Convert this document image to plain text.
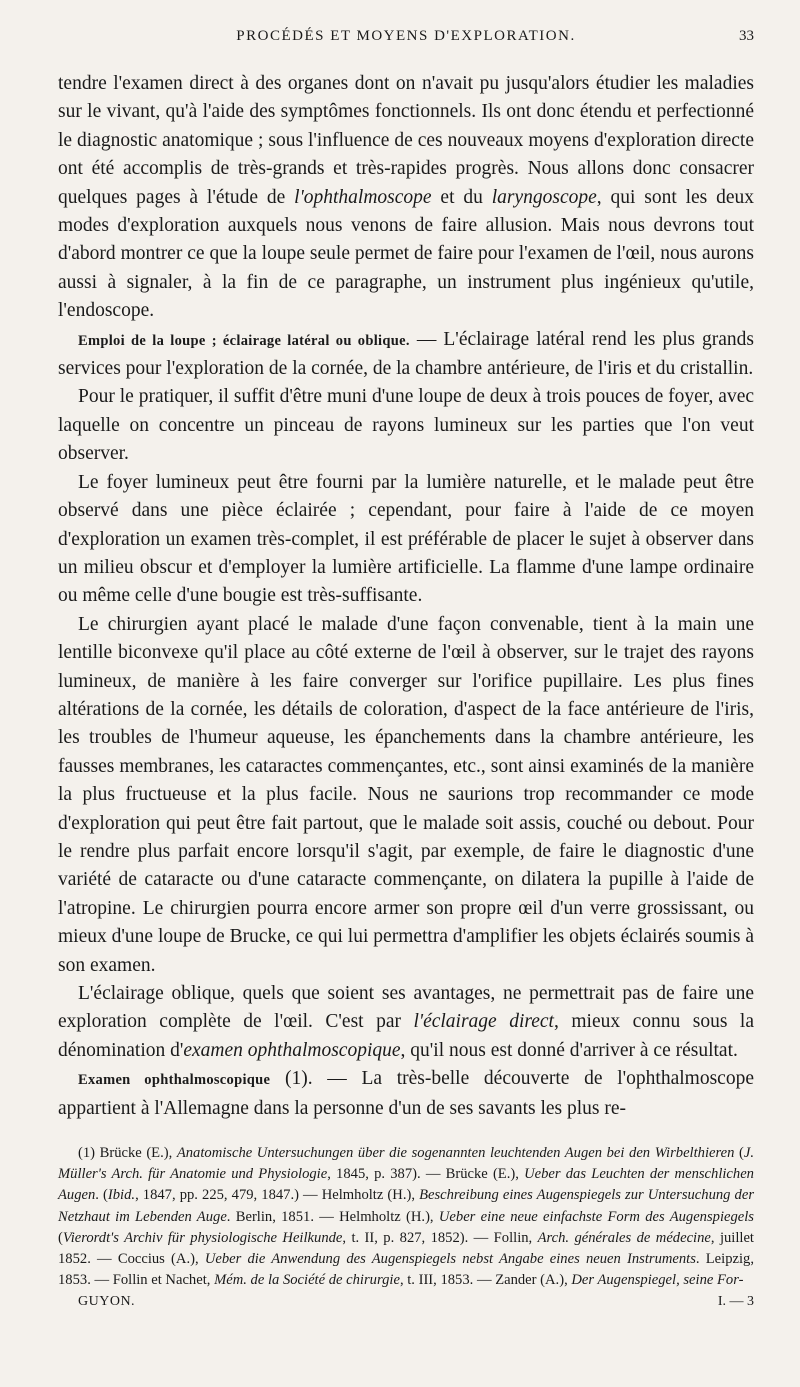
PROCÉDÉS ET MOYENS D'EXPLORATION.	33

tendre l'examen direct à des organes dont on n'avait pu jusqu'alors étudier les maladies sur le vivant, qu'à l'aide des symptômes fonctionnels. Ils ont donc étendu et perfectionné le diagnostic anatomique ; sous l'influence de ces nouveaux moyens d'exploration directe ont été accomplis de très-grands et très-rapides progrès. Nous allons donc consacrer quelques pages à l'étude de l'ophthalmoscope et du laryngoscope, qui sont les deux modes d'exploration auxquels nous venons de faire allusion. Mais nous devrons tout d'abord montrer ce que la loupe seule permet de faire pour l'examen de l'œil, nous aurons aussi à signaler, à la fin de ce paragraphe, un instrument plus ingénieux qu'utile, l'endoscope.

Emploi de la loupe ; éclairage latéral ou oblique. — L'éclairage latéral rend les plus grands services pour l'exploration de la cornée, de la chambre antérieure, de l'iris et du cristallin.

Pour le pratiquer, il suffit d'être muni d'une loupe de deux à trois pouces de foyer, avec laquelle on concentre un pinceau de rayons lumineux sur les parties que l'on veut observer.

Le foyer lumineux peut être fourni par la lumière naturelle, et le malade peut être observé dans une pièce éclairée ; cependant, pour faire à l'aide de ce moyen d'exploration un examen très-complet, il est préférable de placer le sujet à observer dans un milieu obscur et d'employer la lumière artificielle. La flamme d'une lampe ordinaire ou même celle d'une bougie est très-suffisante.

Le chirurgien ayant placé le malade d'une façon convenable, tient à la main une lentille biconvexe qu'il place au côté externe de l'œil à observer, sur le trajet des rayons lumineux, de manière à les faire converger sur l'orifice pupillaire. Les plus fines altérations de la cornée, les détails de coloration, d'aspect de la face antérieure de l'iris, les troubles de l'humeur aqueuse, les épanchements dans la chambre antérieure, les fausses membranes, les cataractes commençantes, etc., sont ainsi examinés de la manière la plus fructueuse et la plus facile. Nous ne saurions trop recommander ce mode d'exploration qui peut être fait partout, que le malade soit assis, couché ou debout. Pour le rendre plus parfait encore lorsqu'il s'agit, par exemple, de faire le diagnostic d'une variété de cataracte ou d'une cataracte commençante, on dilatera la pupille à l'aide de l'atropine. Le chirurgien pourra encore armer son propre œil d'un verre grossissant, ou mieux d'une loupe de Brucke, ce qui lui permettra d'amplifier les objets éclairés soumis à son examen.

L'éclairage oblique, quels que soient ses avantages, ne permettrait pas de faire une exploration complète de l'œil. C'est par l'éclairage direct, mieux connu sous la dénomination d'examen ophthalmoscopique, qu'il nous est donné d'arriver à ce résultat.

Examen ophthalmoscopique (1). — La très-belle découverte de l'ophthalmoscope appartient à l'Allemagne dans la personne d'un de ses savants les plus re-

(1) Brücke (E.), Anatomische Untersuchungen über die sogenannten leuchtenden Augen bei den Wirbelthieren (J. Müller's Arch. für Anatomie und Physiologie, 1845, p. 387). — Brücke (E.), Ueber das Leuchten der menschlichen Augen. (Ibid., 1847, pp. 225, 479, 1847.) — Helmholtz (H.), Beschreibung eines Augenspiegels zur Untersuchung der Netzhaut im Lebenden Auge. Berlin, 1851. — Helmholtz (H.), Ueber eine neue einfachste Form des Augenspiegels (Vierordt's Archiv für physiologische Heilkunde, t. II, p. 827, 1852). — Follin, Arch. générales de médecine, juillet 1852. — Coccius (A.), Ueber die Anwendung des Augenspiegels nebst Angabe eines neuen Instruments. Leipzig, 1853. — Follin et Nachet, Mém. de la Société de chirurgie, t. III, 1853. — Zander (A.), Der Augenspiegel, seine For-

GUYON.	I. — 3
